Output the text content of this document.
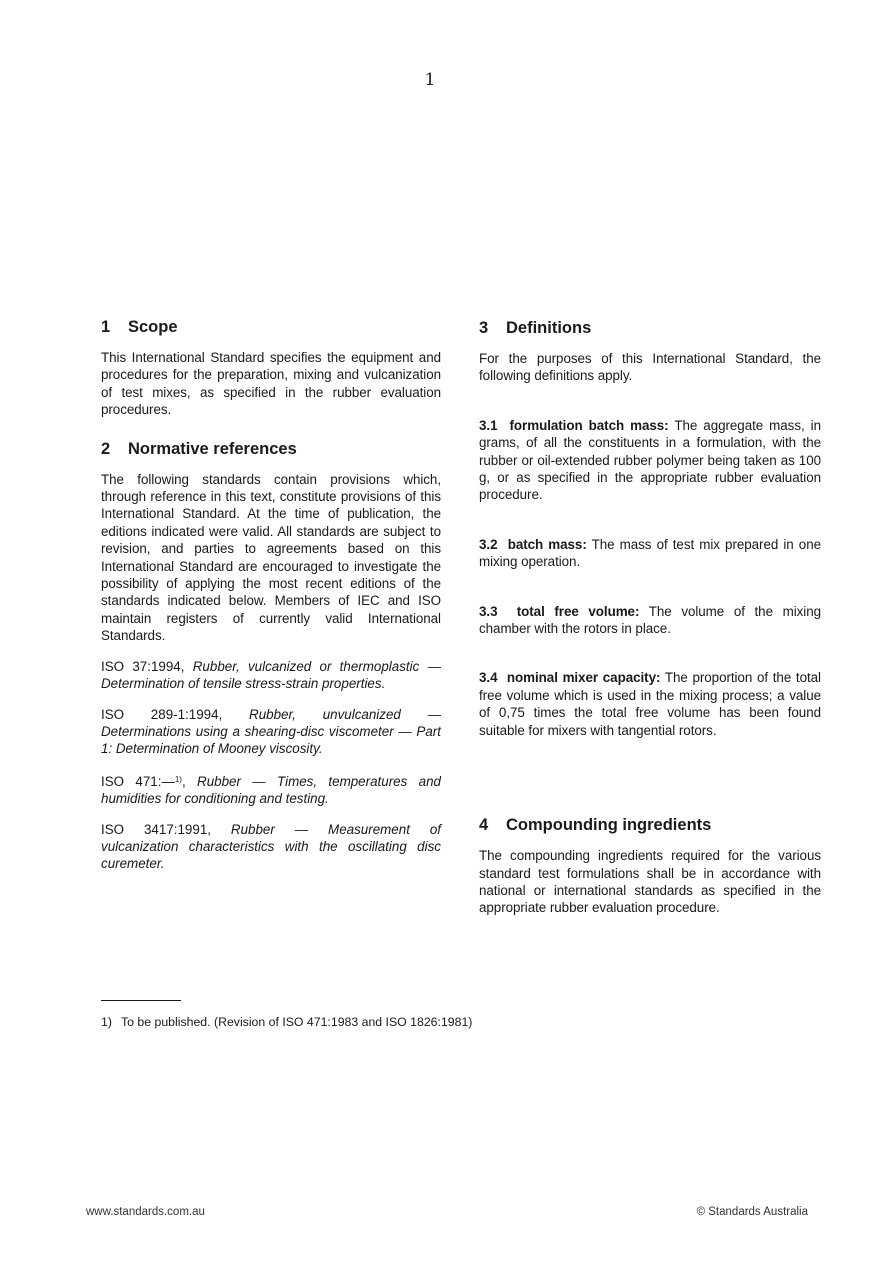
1
1 Scope

This International Standard specifies the equipment and procedures for the preparation, mixing and vulcanization of test mixes, as specified in the rubber evaluation procedures.

2 Normative references

The following standards contain provisions which, through reference in this text, constitute provisions of this International Standard. At the time of publication, the editions indicated were valid. All standards are subject to revision, and parties to agreements based on this International Standard are encouraged to investigate the possibility of applying the most recent editions of the standards indicated below. Members of IEC and ISO maintain registers of currently valid International Standards.

ISO 37:1994, Rubber, vulcanized or thermoplastic — Determination of tensile stress-strain properties.

ISO 289-1:1994, Rubber, unvulcanized — Determinations using a shearing-disc viscometer — Part 1: Determination of Mooney viscosity.

ISO 471:—$^{1)}$, Rubber — Times, temperatures and humidities for conditioning and testing.

ISO 3417:1991, Rubber — Measurement of vulcanization characteristics with the oscillating disc curemeter.

3 Definitions

For the purposes of this International Standard, the following definitions apply.

3.1 formulation batch mass: The aggregate mass, in grams, of all the constituents in a formulation, with the rubber or oil-extended rubber polymer being taken as 100 g, or as specified in the appropriate rubber evaluation procedure.

3.2 batch mass: The mass of test mix prepared in one mixing operation.

3.3 total free volume: The volume of the mixing chamber with the rotors in place.

3.4 nominal mixer capacity: The proportion of the total free volume which is used in the mixing process; a value of 0,75 times the total free volume has been found suitable for mixers with tangential rotors.

4 Compounding ingredients

The compounding ingredients required for the various standard test formulations shall be in accordance with national or international standards as specified in the appropriate rubber evaluation procedure.

1) To be published. (Revision of ISO 471:1983 and ISO 1826:1981)
www.standards.com.au	© Standards Australia
